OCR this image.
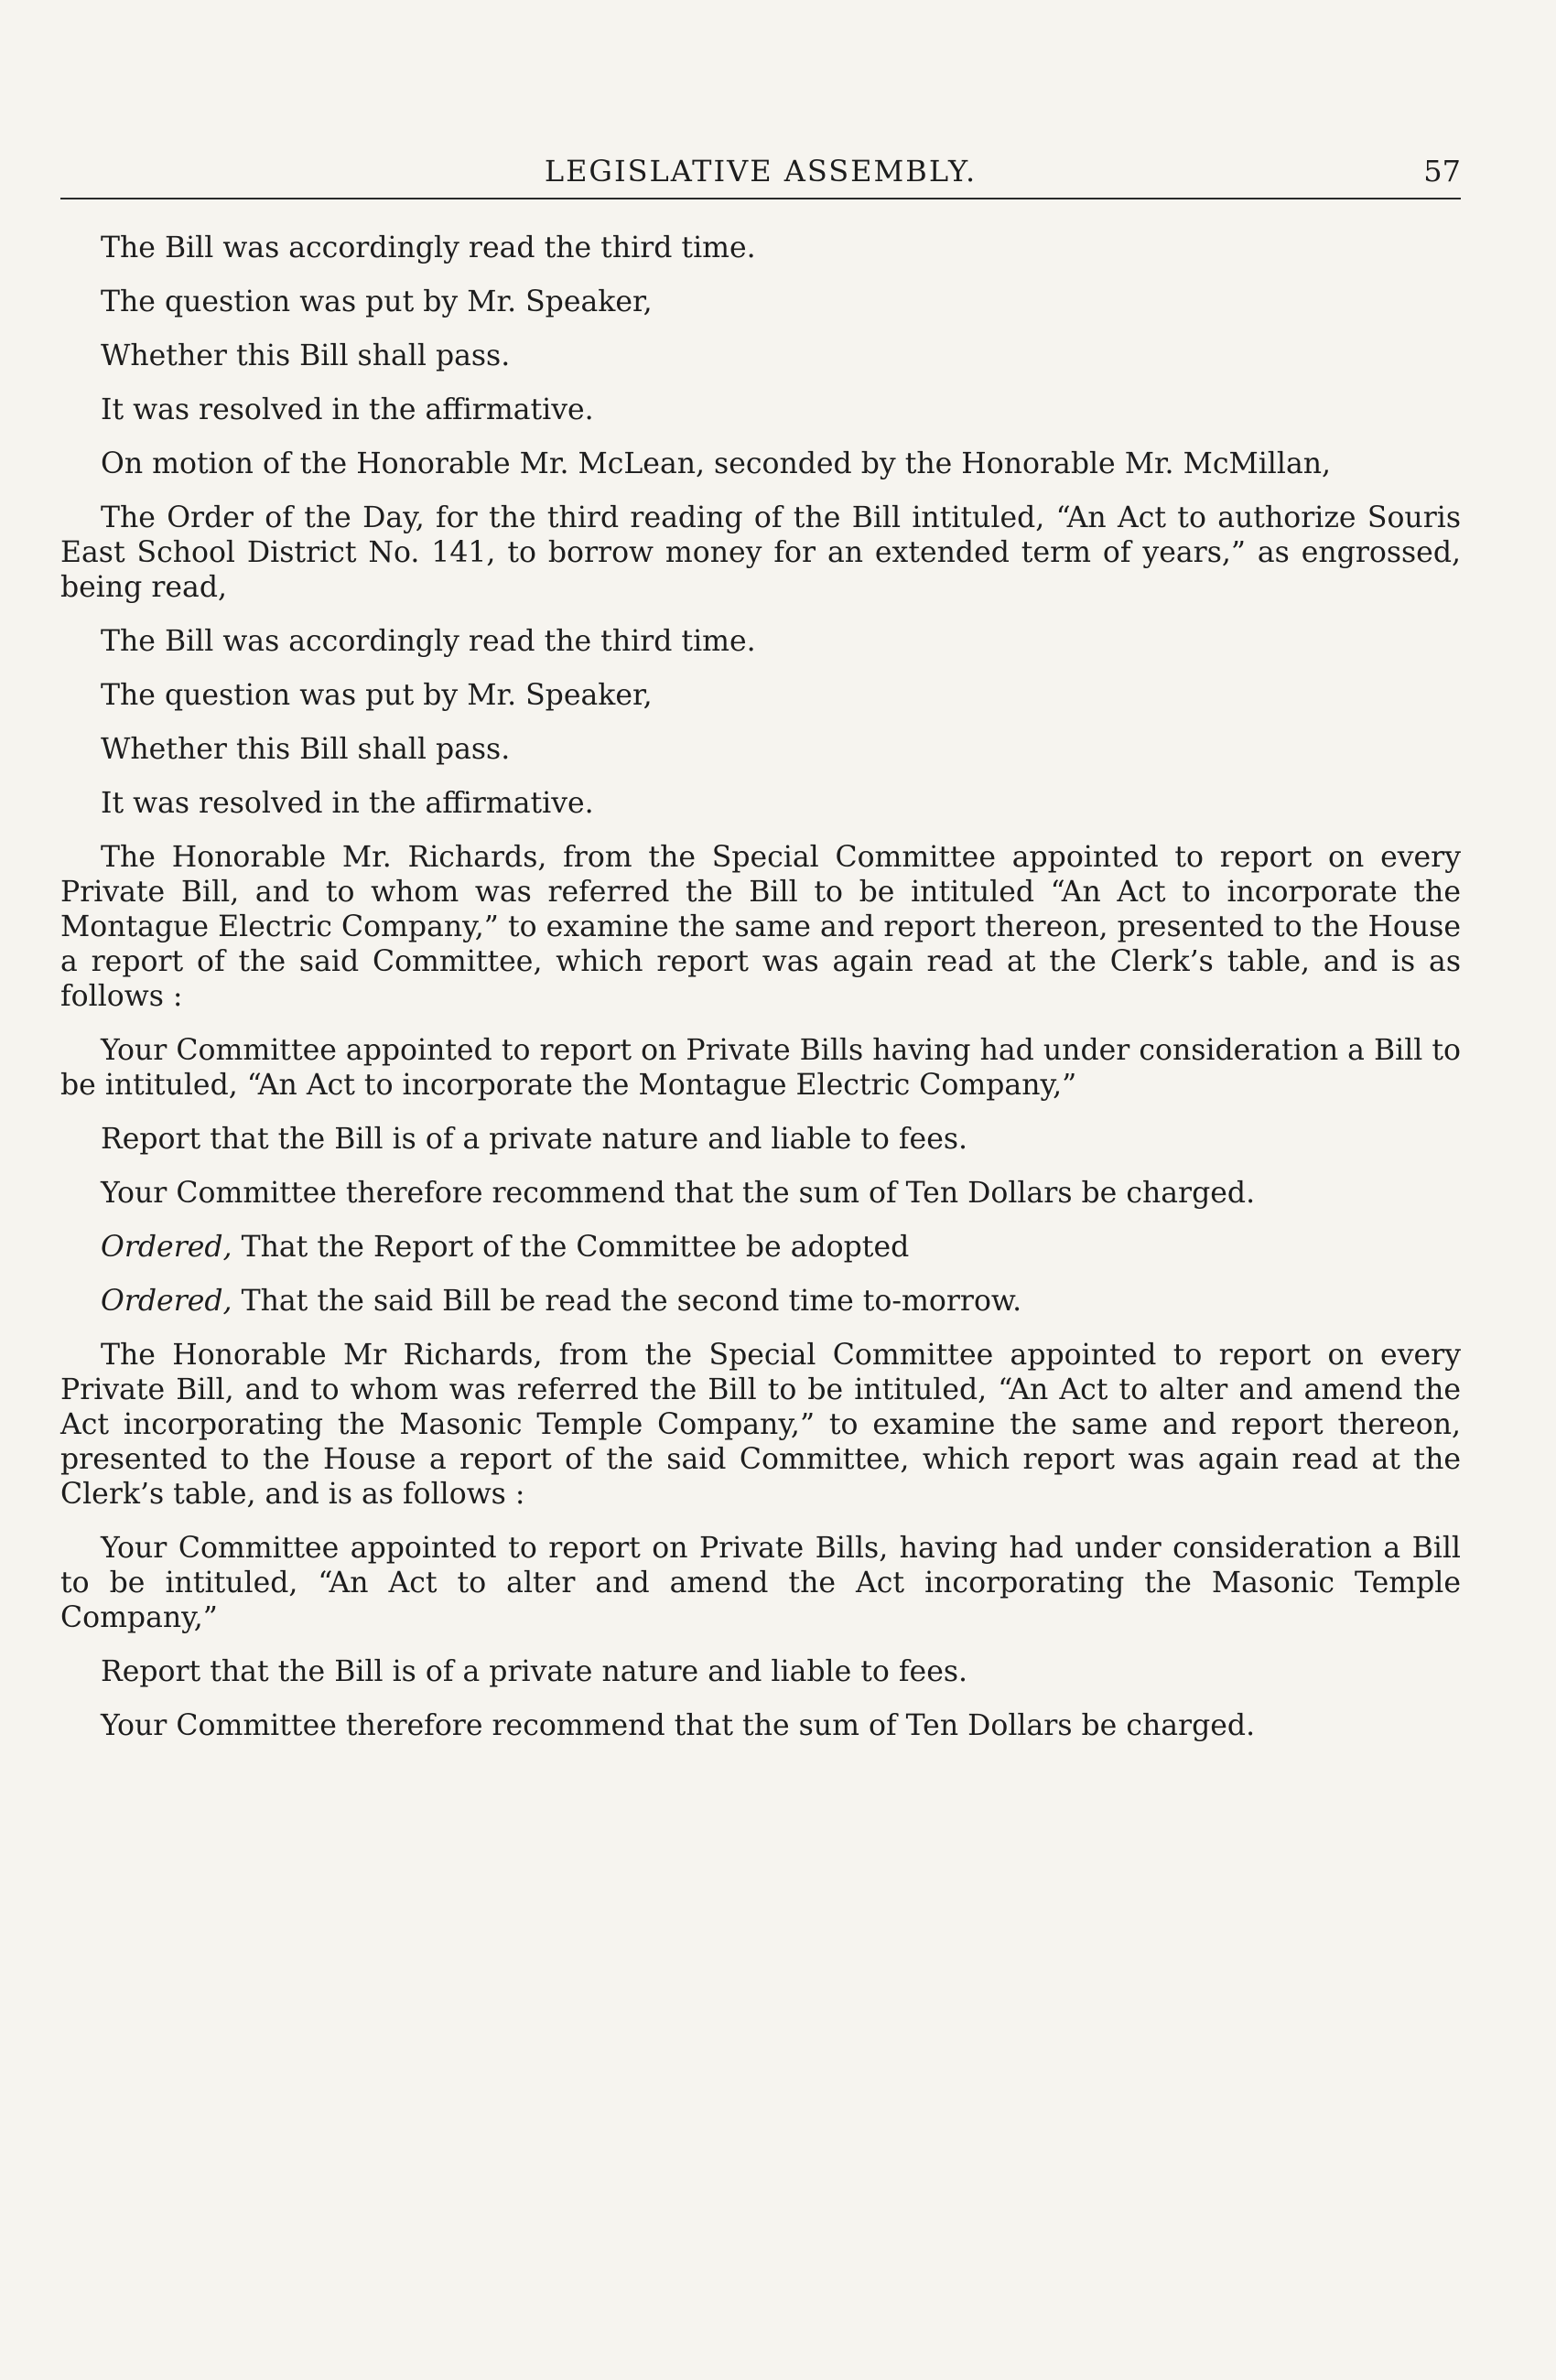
LEGISLATIVE ASSEMBLY.	57

The Bill was accordingly read the third time.

The question was put by Mr. Speaker,

Whether this Bill shall pass.

It was resolved in the affirmative.

On motion of the Honorable Mr. McLean, seconded by the Honorable Mr. McMillan,

The Order of the Day, for the third reading of the Bill intituled, “An Act to authorize Souris East School District No. 141, to borrow money for an extended term of years,” as engrossed, being read,

The Bill was accordingly read the third time.

The question was put by Mr. Speaker,

Whether this Bill shall pass.

It was resolved in the affirmative.

The Honorable Mr. Richards, from the Special Committee appointed to report on every Private Bill, and to whom was referred the Bill to be intituled “An Act to incorporate the Montague Electric Company,” to examine the same and report thereon, presented to the House a report of the said Committee, which report was again read at the Clerk’s table, and is as follows :

Your Committee appointed to report on Private Bills having had under consideration a Bill to be intituled, “An Act to incorporate the Montague Electric Company,”

Report that the Bill is of a private nature and liable to fees.

Your Committee therefore recommend that the sum of Ten Dollars be charged.

Ordered, That the Report of the Committee be adopted

Ordered, That the said Bill be read the second time to-morrow.

The Honorable Mr Richards, from the Special Committee appointed to report on every Private Bill, and to whom was referred the Bill to be intituled, “An Act to alter and amend the Act incorporating the Masonic Temple Company,” to examine the same and report thereon, presented to the House a report of the said Committee, which report was again read at the Clerk’s table, and is as follows :

Your Committee appointed to report on Private Bills, having had under consideration a Bill to be intituled, “An Act to alter and amend the Act incorporating the Masonic Temple Company,”

Report that the Bill is of a private nature and liable to fees.

Your Committee therefore recommend that the sum of Ten Dollars be charged.
